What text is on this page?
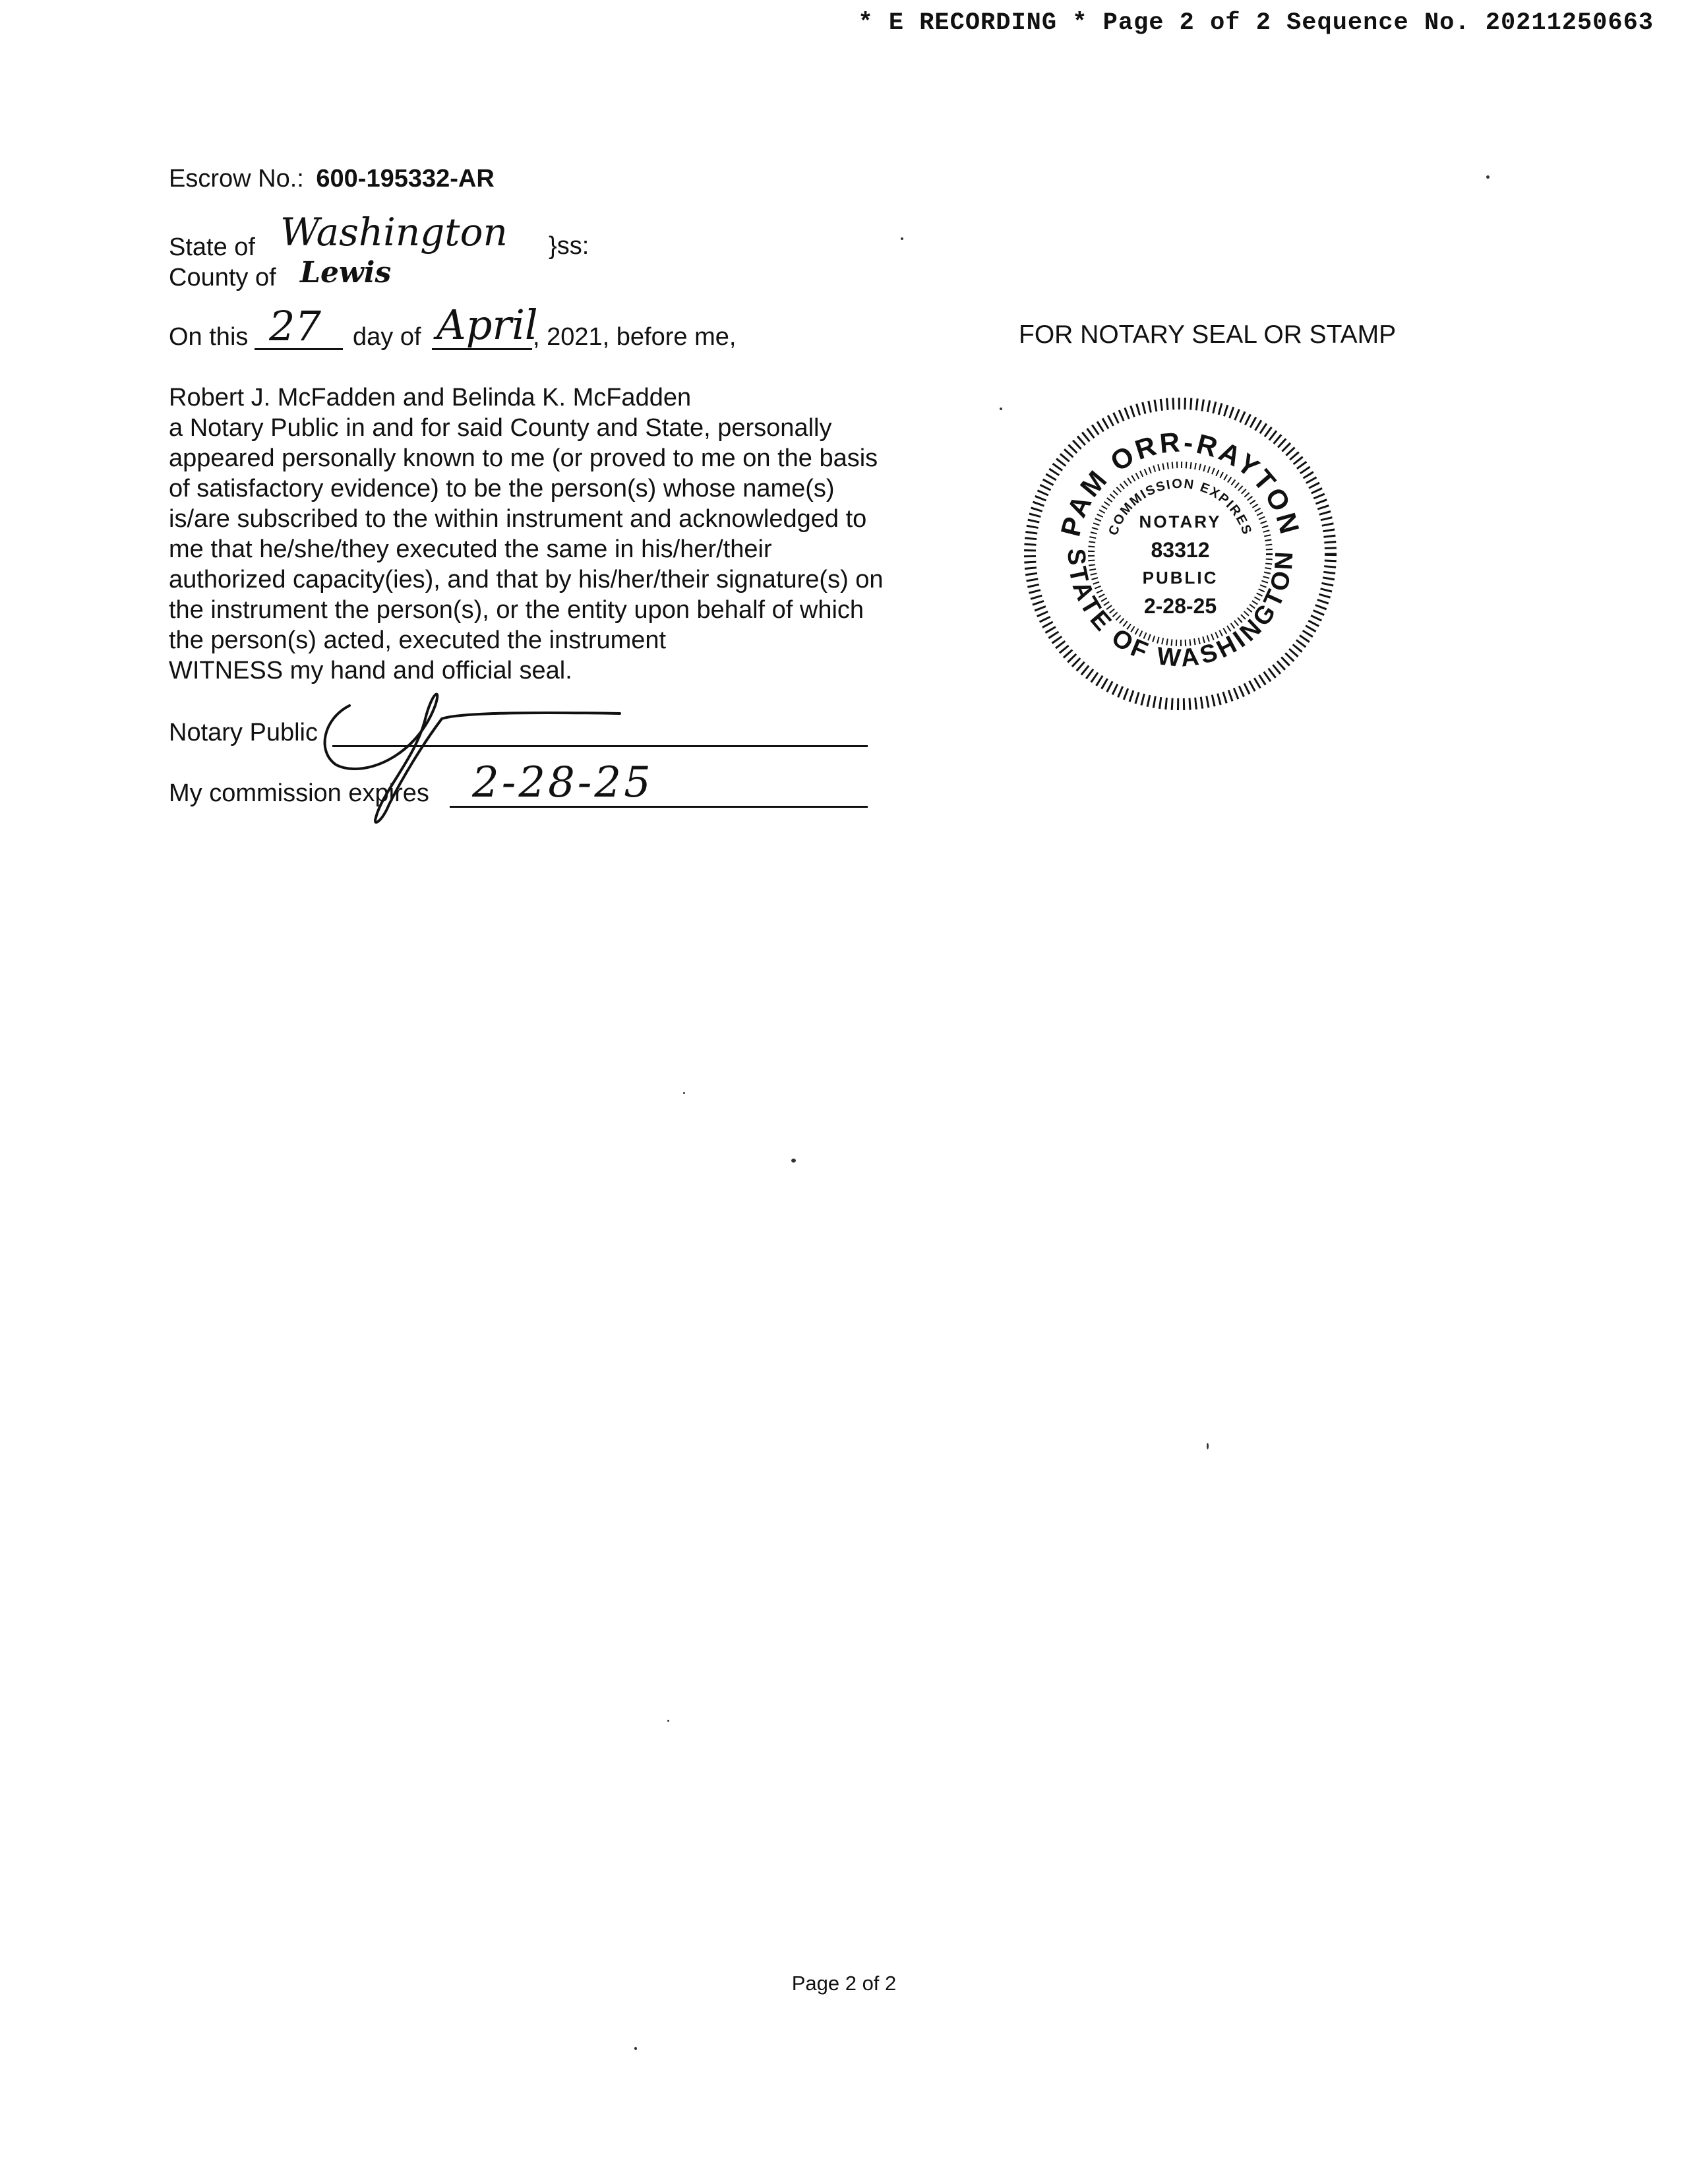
* E RECORDING * Page 2 of 2 Sequence No. 20211250663
Escrow No.: 600-195332-AR
State of Washington }ss:
County of Lewis
On this 27 day of April
, 2021, before me,
Robert J. McFadden and Belinda K. McFadden
a Notary Public in and for said County and State, personally
appeared personally known to me (or proved to me on the basis
of satisfactory evidence) to be the person(s) whose name(s)
is/are subscribed to the within instrument and acknowledged to
me that he/she/they executed the same in his/her/their
authorized capacity(ies), and that by his/her/their signature(s) on
the instrument the person(s), or the entity upon behalf of which
the person(s) acted, executed the instrument
WITNESS my hand and official seal.
Notary Public
My commission expires 2-28-25
FOR NOTARY SEAL OR STAMP
PAM ORR-RAYTON
STATE OF WASHINGTON
COMMISSION EXPIRES
NOTARY
83312
PUBLIC
2-28-25
Page 2 of 2
